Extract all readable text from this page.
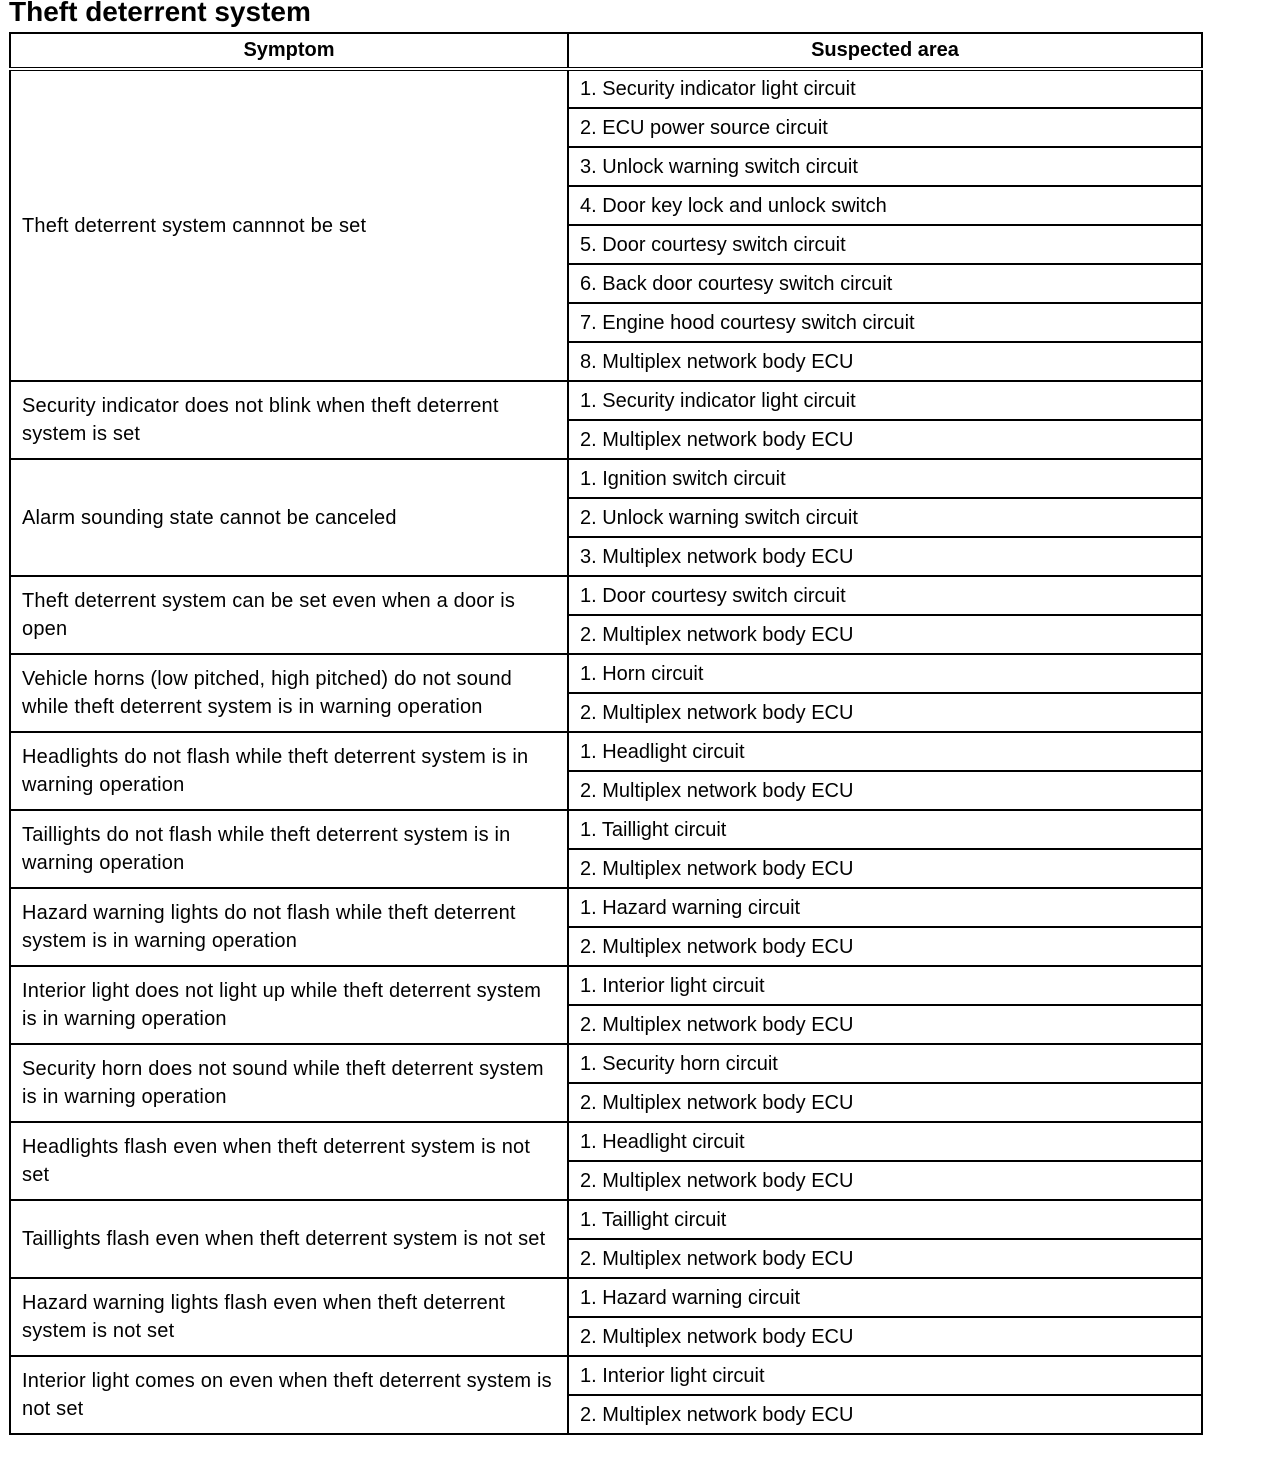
Theft deterrent system
Symptom	Suspected area
Theft deterrent system cannnot be set	1. Security indicator light circuit
	2. ECU power source circuit
	3. Unlock warning switch circuit
	4. Door key lock and unlock switch
	5. Door courtesy switch circuit
	6. Back door courtesy switch circuit
	7. Engine hood courtesy switch circuit
	8. Multiplex network body ECU
Security indicator does not blink when theft deterrent system is set	1. Security indicator light circuit
	2. Multiplex network body ECU
Alarm sounding state cannot be canceled	1. Ignition switch circuit
	2. Unlock warning switch circuit
	3. Multiplex network body ECU
Theft deterrent system can be set even when a door is open	1. Door courtesy switch circuit
	2. Multiplex network body ECU
Vehicle horns (low pitched, high pitched) do not sound while theft deterrent system is in warning operation	1. Horn circuit
	2. Multiplex network body ECU
Headlights do not flash while theft deterrent system is in warning operation	1. Headlight circuit
	2. Multiplex network body ECU
Taillights do not flash while theft deterrent system is in warning operation	1. Taillight circuit
	2. Multiplex network body ECU
Hazard warning lights do not flash while theft deterrent system is in warning operation	1. Hazard warning circuit
	2. Multiplex network body ECU
Interior light does not light up while theft deterrent system is in warning operation	1. Interior light circuit
	2. Multiplex network body ECU
Security horn does not sound while theft deterrent system is in warning operation	1. Security horn circuit
	2. Multiplex network body ECU
Headlights flash even when theft deterrent system is not set	1. Headlight circuit
	2. Multiplex network body ECU
Taillights flash even when theft deterrent system is not set	1. Taillight circuit
	2. Multiplex network body ECU
Hazard warning lights flash even when theft deterrent system is not set	1. Hazard warning circuit
	2. Multiplex network body ECU
Interior light comes on even when theft deterrent system is not set	1. Interior light circuit
	2. Multiplex network body ECU
